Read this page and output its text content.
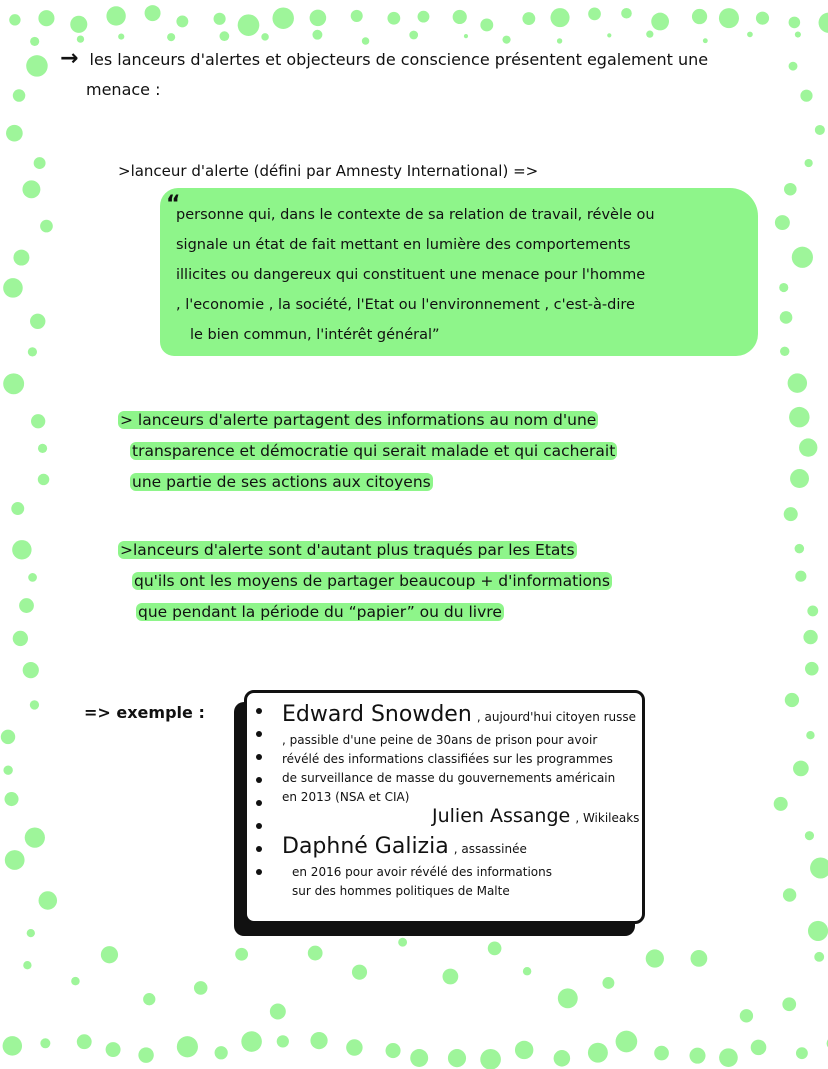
→ les lanceurs d'alertes et objecteurs de conscience présentent egalement une
menace :
>lanceur d'alerte (défini par Amnesty International) =>
“
personne qui, dans le contexte de sa relation de travail, révèle ou
signale un état de fait mettant en lumière des comportements
illicites ou dangereux qui constituent une menace pour l'homme
, l'economie , la société, l'Etat ou l'environnement , c'est-à-dire
le bien commun, l'intérêt général”
> lanceurs d'alerte partagent des informations au nom d'une
transparence et démocratie qui serait malade et qui cacherait
une partie de ses actions aux citoyens
>lanceurs d'alerte sont d'autant plus traqués par les Etats
qu'ils ont les moyens de partager beaucoup + d'informations
que pendant la période du “papier” ou du livre
=> exemple :	Edward Snowden , aujourd'hui citoyen russe
, passible d'une peine de 30ans de prison pour avoir
révélé des informations classifiées sur les programmes
de surveillance de masse du gouvernements américain
en 2013 (NSA et CIA)
Julien Assange , Wikileaks
Daphné Galizia , assassinée
en 2016 pour avoir révélé des informations
sur des hommes politiques de Malte
